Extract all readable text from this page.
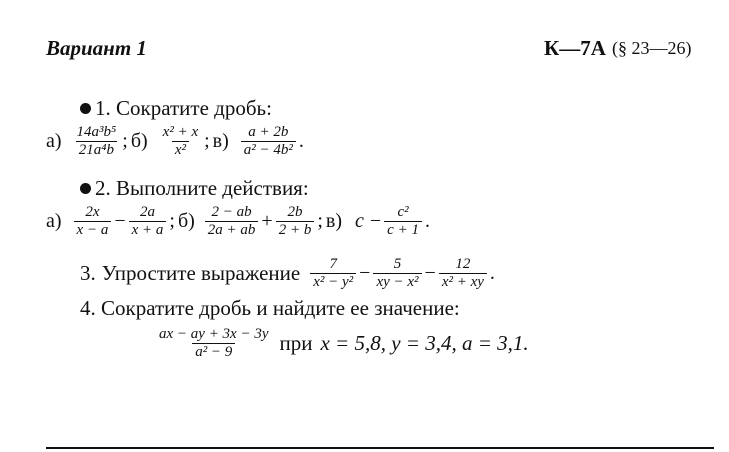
Вариант 1	К—7А (§ 23—26)
1. Сократите дробь:
$а) \frac{\text{14a³b⁵}}{\text{21a⁴b}}$ ; $б) \frac{\text{x² + x}}{\text{x²}}$ ; $в) \frac{a + 2b}{\text{a² − 4b²}}$ .
2. Выполните действия:
$а) \frac{2x}{x - a} - \frac{2a}{x + a}$ ; $б) \frac{2 - ab}{2a + ab} + \frac{2b}{2 + b}$ ; в) $c - \frac{\text{c²}}{c + 1}$ .
3. Упростите выражение $\frac{7}{\text{x² − y²}} - \frac{5}{\text{xy − x²}} - \frac{12}{\text{x² + xy}}$ .
4. Сократите дробь и найдите ее значение:
$\frac{ax - ay + 3x - 3y}{\text{a² − 9}}$ при x = 5,8, y = 3,4, a = 3,1.
